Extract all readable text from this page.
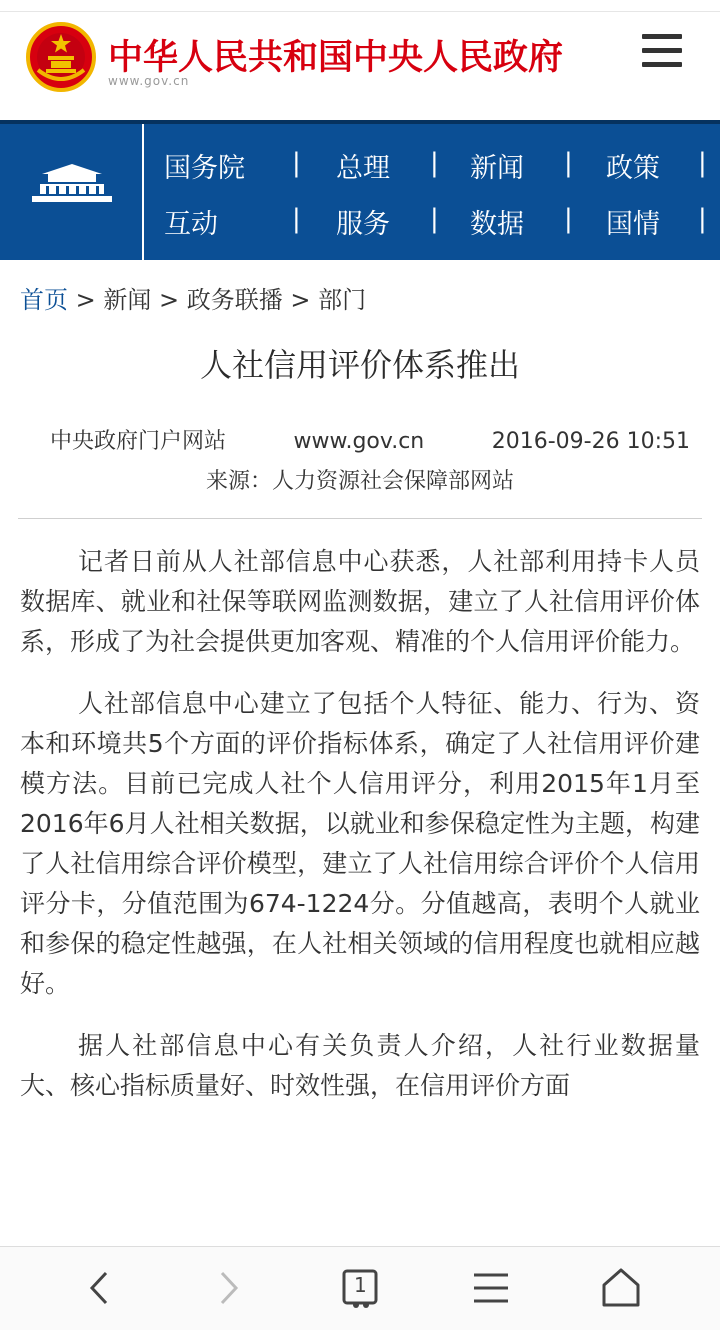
中华人民共和国中央人民政府
www.gov.cn
国务院 | 总理 | 新闻 | 政策 |
互动	| 服务 | 数据 | 国情 |
首页 > 新闻 > 政务联播 > 部门
人社信用评价体系推出
中央政府门户网站	www.gov.cn	2016-09-26 10:51
来源：人力资源社会保障部网站

记者日前从人社部信息中心获悉，人社部利用持卡人员数据库、就业和社保等联网监测数据，建立了人社信用评价体系，形成了为社会提供更加客观、精准的个人信用评价能力。

人社部信息中心建立了包括个人特征、能力、行为、资本和环境共5个方面的评价指标体系，确定了人社信用评价建模方法。目前已完成人社个人信用评分，利用2015年1月至2016年6月人社相关数据，以就业和参保稳定性为主题，构建了人社信用综合评价模型，建立了人社信用综合评价个人信用评分卡，分值范围为674-1224分。分值越高，表明个人就业和参保的稳定性越强，在人社相关领域的信用程度也就相应越好。

据人社部信息中心有关负责人介绍，人社行业数据量大、核心指标质量好、时效性强，在信用评价方面

1
